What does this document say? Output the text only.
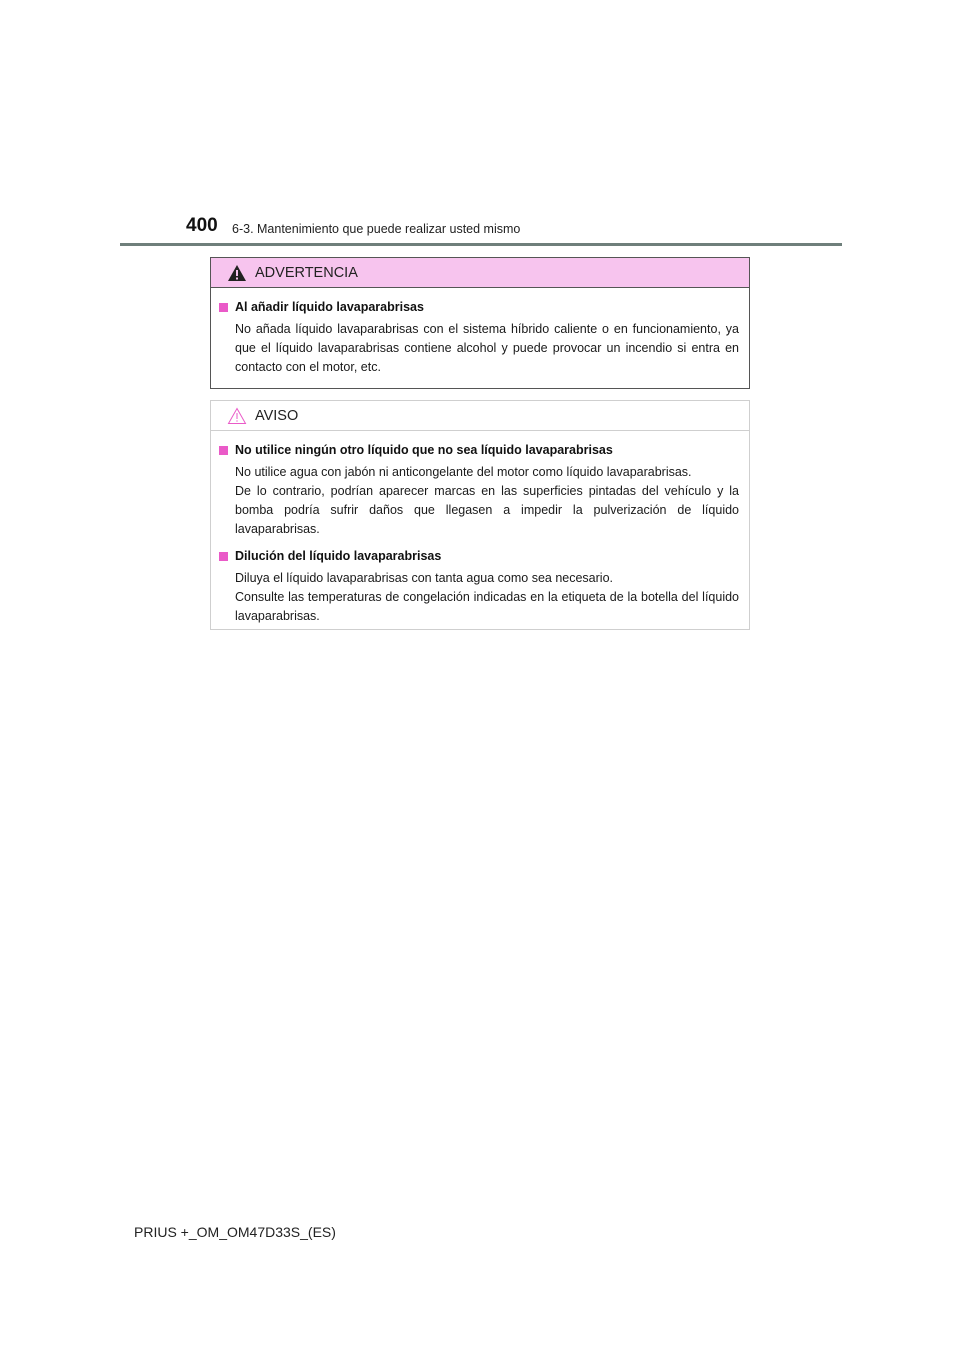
400 6-3. Mantenimiento que puede realizar usted mismo
ADVERTENCIA
Al añadir líquido lavaparabrisas
No añada líquido lavaparabrisas con el sistema híbrido caliente o en funcionamiento, ya que el líquido lavaparabrisas contiene alcohol y puede provocar un incendio si entra en contacto con el motor, etc.
AVISO
No utilice ningún otro líquido que no sea líquido lavaparabrisas
No utilice agua con jabón ni anticongelante del motor como líquido lavaparabrisas.
De lo contrario, podrían aparecer marcas en las superficies pintadas del vehículo y la bomba podría sufrir daños que llegasen a impedir la pulverización de líquido lavaparabrisas.
Dilución del líquido lavaparabrisas
Diluya el líquido lavaparabrisas con tanta agua como sea necesario.
Consulte las temperaturas de congelación indicadas en la etiqueta de la botella del líquido lavaparabrisas.
PRIUS +_OM_OM47D33S_(ES)
